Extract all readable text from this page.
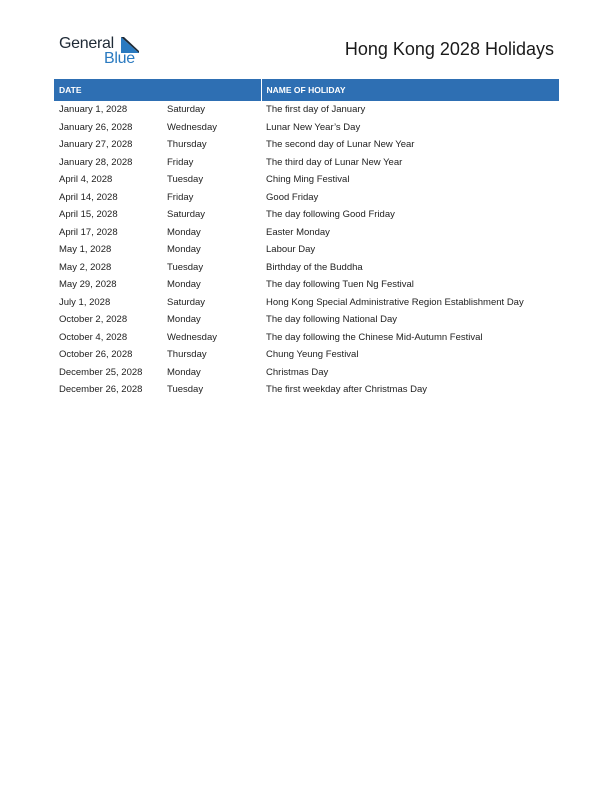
General
Blue	Hong Kong 2028 Holidays
DATE		NAME OF HOLIDAY
January 1, 2028	Saturday	The first day of January
January 26, 2028	Wednesday	Lunar New Year’s Day
January 27, 2028	Thursday	The second day of Lunar New Year
January 28, 2028	Friday	The third day of Lunar New Year
April 4, 2028	Tuesday	Ching Ming Festival
April 14, 2028	Friday	Good Friday
April 15, 2028	Saturday	The day following Good Friday
April 17, 2028	Monday	Easter Monday
May 1, 2028	Monday	Labour Day
May 2, 2028	Tuesday	Birthday of the Buddha
May 29, 2028	Monday	The day following Tuen Ng Festival
July 1, 2028	Saturday	Hong Kong Special Administrative Region Establishment Day
October 2, 2028	Monday	The day following National Day
October 4, 2028	Wednesday	The day following the Chinese Mid-Autumn Festival
October 26, 2028	Thursday	Chung Yeung Festival
December 25, 2028	Monday	Christmas Day
December 26, 2028	Tuesday	The first weekday after Christmas Day
